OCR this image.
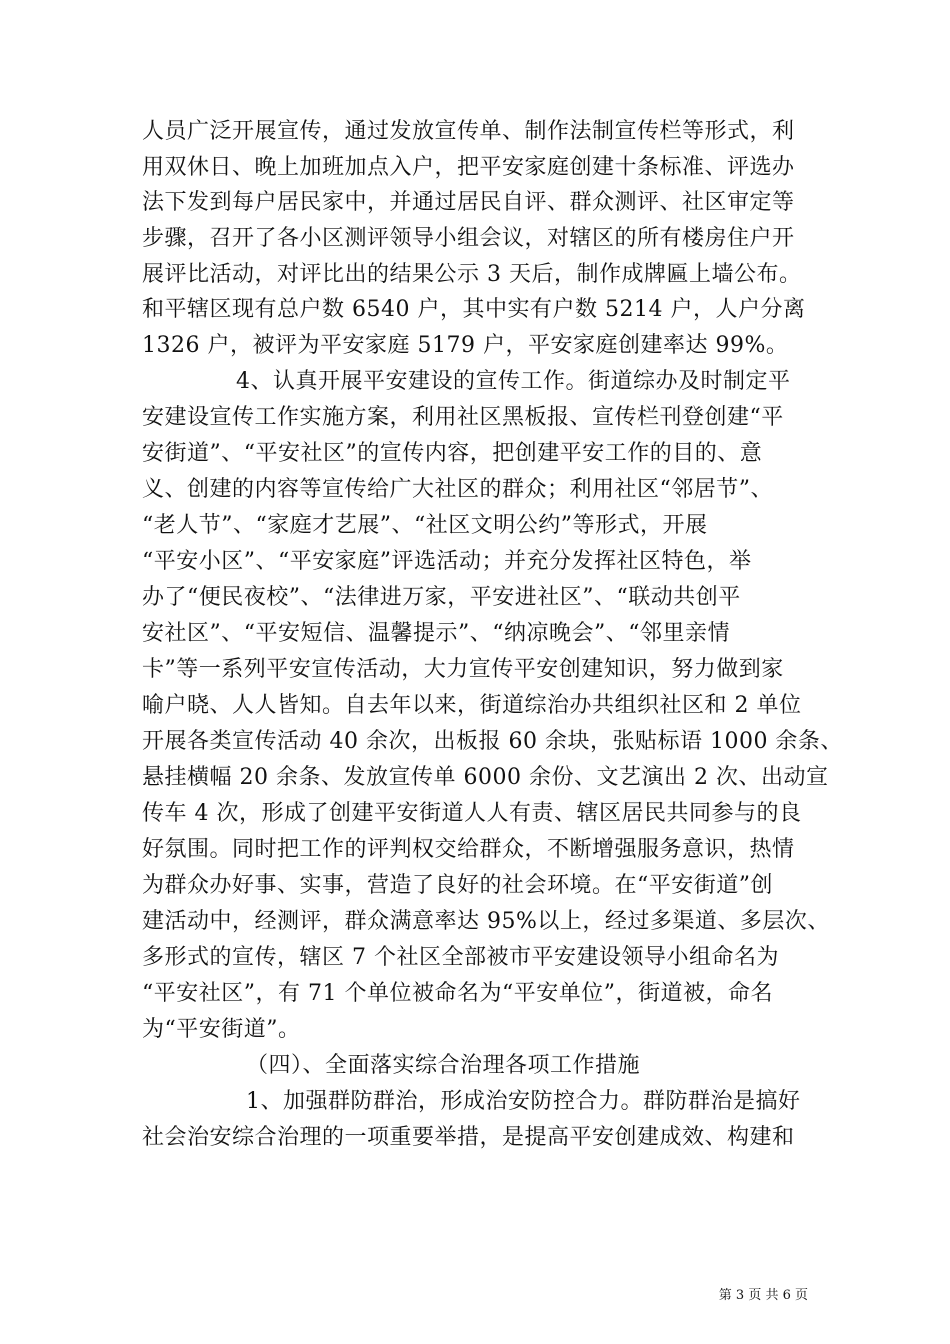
人员广泛开展宣传，通过发放宣传单、制作法制宣传栏等形式，利
用双休日、晚上加班加点入户，把平安家庭创建十条标准、评选办
法下发到每户居民家中，并通过居民自评、群众测评、社区审定等
步骤，召开了各小区测评领导小组会议，对辖区的所有楼房住户开
展评比活动，对评比出的结果公示 3 天后，制作成牌匾上墙公布。
和平辖区现有总户数 6540 户，其中实有户数 5214 户，人户分离
1326 户，被评为平安家庭 5179 户，平安家庭创建率达 99%。
4、认真开展平安建设的宣传工作。街道综办及时制定平
安建设宣传工作实施方案，利用社区黑板报、宣传栏刊登创建“平
安街道”、“平安社区”的宣传内容，把创建平安工作的目的、意
义、创建的内容等宣传给广大社区的群众；利用社区“邻居节”、
“老人节”、“家庭才艺展”、“社区文明公约”等形式，开展
“平安小区”、“平安家庭”评选活动；并充分发挥社区特色，举
办了“便民夜校”、“法律进万家，平安进社区”、“联动共创平
安社区”、“平安短信、温馨提示”、“纳凉晚会”、“邻里亲情
卡”等一系列平安宣传活动，大力宣传平安创建知识，努力做到家
喻户晓、人人皆知。自去年以来，街道综治办共组织社区和 2 单位
开展各类宣传活动 40 余次，出板报 60 余块，张贴标语 1000 余条、
悬挂横幅 20 余条、发放宣传单 6000 余份、文艺演出 2 次、出动宣
传车 4 次，形成了创建平安街道人人有责、辖区居民共同参与的良
好氛围。同时把工作的评判权交给群众，不断增强服务意识，热情
为群众办好事、实事，营造了良好的社会环境。在“平安街道”创
建活动中，经测评，群众满意率达 95%以上，经过多渠道、多层次、
多形式的宣传，辖区 7 个社区全部被市平安建设领导小组命名为
“平安社区”，有 71 个单位被命名为“平安单位”，街道被，命名
为“平安街道”。
（四）、全面落实综合治理各项工作措施
1、加强群防群治，形成治安防控合力。群防群治是搞好
社会治安综合治理的一项重要举措，是提高平安创建成效、构建和
第 3 页 共 6 页
